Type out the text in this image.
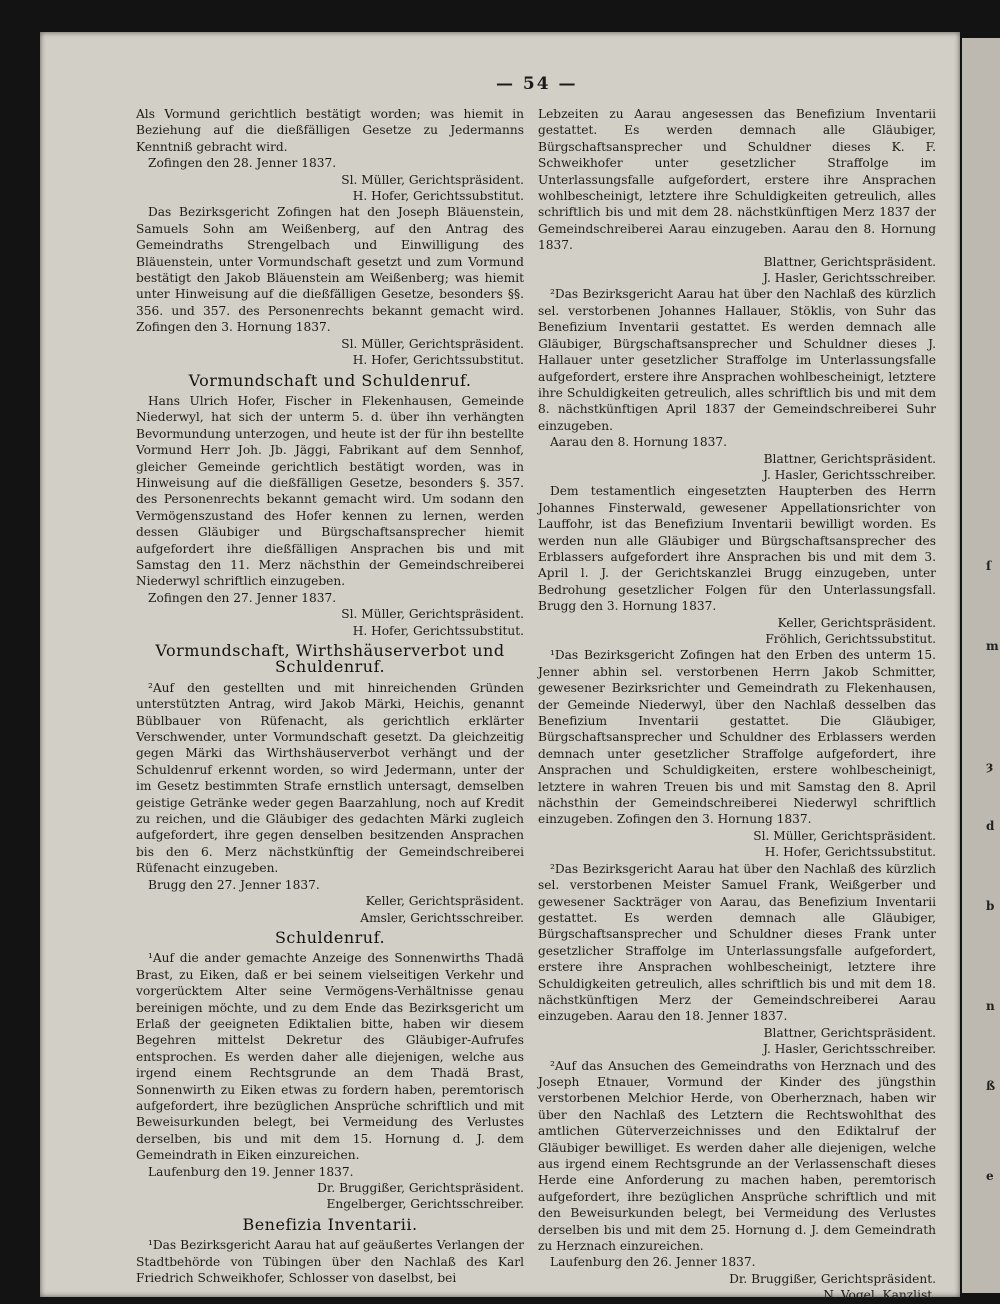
ſ
m
ȝ
d
b
n
ß
e
— 54 —

Als Vormund gerichtlich bestätigt worden; was hiemit in Beziehung auf die dießfälligen Gesetze zu Jedermanns Kenntniß gebracht wird.

Zofingen den 28. Jenner 1837.

Sl. Müller, Gerichtspräsident.

H. Hofer, Gerichtssubstitut.

Das Bezirksgericht Zofingen hat den Joseph Bläuenstein, Samuels Sohn am Weißenberg, auf den Antrag des Gemeindraths Strengelbach und Einwilligung des Bläuenstein, unter Vormundschaft gesetzt und zum Vormund bestätigt den Jakob Bläuenstein am Weißenberg; was hiemit unter Hinweisung auf die dießfälligen Gesetze, besonders §§. 356. und 357. des Personenrechts bekannt gemacht wird. Zofingen den 3. Hornung 1837.

Sl. Müller, Gerichtspräsident.

H. Hofer, Gerichtssubstitut.

Vormundschaft und Schuldenruf.

Hans Ulrich Hofer, Fischer in Flekenhausen, Gemeinde Niederwyl, hat sich der unterm 5. d. über ihn verhängten Bevormundung unterzogen, und heute ist der für ihn bestellte Vormund Herr Joh. Jb. Jäggi, Fabrikant auf dem Sennhof, gleicher Gemeinde gerichtlich bestätigt worden, was in Hinweisung auf die dießfälligen Gesetze, besonders §. 357. des Personenrechts bekannt gemacht wird. Um sodann den Vermögenszustand des Hofer kennen zu lernen, werden dessen Gläubiger und Bürgschaftsansprecher hiemit aufgefordert ihre dießfälligen Ansprachen bis und mit Samstag den 11. Merz nächsthin der Gemeindschreiberei Niederwyl schriftlich einzugeben.

Zofingen den 27. Jenner 1837.

Sl. Müller, Gerichtspräsident.

H. Hofer, Gerichtssubstitut.

Vormundschaft, Wirthshäuserverbot und Schuldenruf.

²Auf den gestellten und mit hinreichenden Gründen unterstützten Antrag, wird Jakob Märki, Heichis, genannt Büblbauer von Rüfenacht, als gerichtlich erklärter Verschwender, unter Vormundschaft gesetzt. Da gleichzeitig gegen Märki das Wirthshäuserverbot verhängt und der Schuldenruf erkennt worden, so wird Jedermann, unter der im Gesetz bestimmten Strafe ernstlich untersagt, demselben geistige Getränke weder gegen Baarzahlung, noch auf Kredit zu reichen, und die Gläubiger des gedachten Märki zugleich aufgefordert, ihre gegen denselben besitzenden Ansprachen bis den 6. Merz nächstkünftig der Gemeindschreiberei Rüfenacht einzugeben.

Brugg den 27. Jenner 1837.

Keller, Gerichtspräsident.

Amsler, Gerichtsschreiber.

Schuldenruf.

¹Auf die ander gemachte Anzeige des Sonnenwirths Thadä Brast, zu Eiken, daß er bei seinem vielseitigen Verkehr und vorgerücktem Alter seine Vermögens-Verhältnisse genau bereinigen möchte, und zu dem Ende das Bezirksgericht um Erlaß der geeigneten Ediktalien bitte, haben wir diesem Begehren mittelst Dekretur des Gläubiger-Aufrufes entsprochen. Es werden daher alle diejenigen, welche aus irgend einem Rechtsgrunde an dem Thadä Brast, Sonnenwirth zu Eiken etwas zu fordern haben, peremtorisch aufgefordert, ihre bezüglichen Ansprüche schriftlich und mit Beweisurkunden belegt, bei Vermeidung des Verlustes derselben, bis und mit dem 15. Hornung d. J. dem Gemeindrath in Eiken einzureichen.

Laufenburg den 19. Jenner 1837.

Dr. Bruggißer, Gerichtspräsident.

Engelberger, Gerichtsschreiber.

Benefizia Inventarii.

¹Das Bezirksgericht Aarau hat auf geäußertes Verlangen der Stadtbehörde von Tübingen über den Nachlaß des Karl Friedrich Schweikhofer, Schlosser von daselbst, bei

Lebzeiten zu Aarau angesessen das Benefizium Inventarii gestattet. Es werden demnach alle Gläubiger, Bürgschaftsansprecher und Schuldner dieses K. F. Schweikhofer unter gesetzlicher Straffolge im Unterlassungsfalle aufgefordert, erstere ihre Ansprachen wohlbescheinigt, letztere ihre Schuldigkeiten getreulich, alles schriftlich bis und mit dem 28. nächstkünftigen Merz 1837 der Gemeindschreiberei Aarau einzugeben. Aarau den 8. Hornung 1837.

Blattner, Gerichtspräsident.

J. Hasler, Gerichtsschreiber.

²Das Bezirksgericht Aarau hat über den Nachlaß des kürzlich sel. verstorbenen Johannes Hallauer, Stöklis, von Suhr das Benefizium Inventarii gestattet. Es werden demnach alle Gläubiger, Bürgschaftsansprecher und Schuldner dieses J. Hallauer unter gesetzlicher Straffolge im Unterlassungsfalle aufgefordert, erstere ihre Ansprachen wohlbescheinigt, letztere ihre Schuldigkeiten getreulich, alles schriftlich bis und mit dem 8. nächstkünftigen April 1837 der Gemeindschreiberei Suhr einzugeben.

Aarau den 8. Hornung 1837.

Blattner, Gerichtspräsident.

J. Hasler, Gerichtsschreiber.

Dem testamentlich eingesetzten Haupterben des Herrn Johannes Finsterwald, gewesener Appellationsrichter von Lauffohr, ist das Benefizium Inventarii bewilligt worden. Es werden nun alle Gläubiger und Bürgschaftsansprecher des Erblassers aufgefordert ihre Ansprachen bis und mit dem 3. April l. J. der Gerichtskanzlei Brugg einzugeben, unter Bedrohung gesetzlicher Folgen für den Unterlassungsfall. Brugg den 3. Hornung 1837.

Keller, Gerichtspräsident.

Fröhlich, Gerichtssubstitut.

¹Das Bezirksgericht Zofingen hat den Erben des unterm 15. Jenner abhin sel. verstorbenen Herrn Jakob Schmitter, gewesener Bezirksrichter und Gemeindrath zu Flekenhausen, der Gemeinde Niederwyl, über den Nachlaß desselben das Benefizium Inventarii gestattet. Die Gläubiger, Bürgschaftsansprecher und Schuldner des Erblassers werden demnach unter gesetzlicher Straffolge aufgefordert, ihre Ansprachen und Schuldigkeiten, erstere wohlbescheinigt, letztere in wahren Treuen bis und mit Samstag den 8. April nächsthin der Gemeindschreiberei Niederwyl schriftlich einzugeben. Zofingen den 3. Hornung 1837.

Sl. Müller, Gerichtspräsident.

H. Hofer, Gerichtssubstitut.

²Das Bezirksgericht Aarau hat über den Nachlaß des kürzlich sel. verstorbenen Meister Samuel Frank, Weißgerber und gewesener Sackträger von Aarau, das Benefizium Inventarii gestattet. Es werden demnach alle Gläubiger, Bürgschaftsansprecher und Schuldner dieses Frank unter gesetzlicher Straffolge im Unterlassungsfalle aufgefordert, erstere ihre Ansprachen wohlbescheinigt, letztere ihre Schuldigkeiten getreulich, alles schriftlich bis und mit dem 18. nächstkünftigen Merz der Gemeindschreiberei Aarau einzugeben. Aarau den 18. Jenner 1837.

Blattner, Gerichtspräsident.

J. Hasler, Gerichtsschreiber.

²Auf das Ansuchen des Gemeindraths von Herznach und des Joseph Etnauer, Vormund der Kinder des jüngsthin verstorbenen Melchior Herde, von Oberherznach, haben wir über den Nachlaß des Letztern die Rechtswohlthat des amtlichen Güterverzeichnisses und den Ediktalruf der Gläubiger bewilliget. Es werden daher alle diejenigen, welche aus irgend einem Rechtsgrunde an der Verlassenschaft dieses Herde eine Anforderung zu machen haben, peremtorisch aufgefordert, ihre bezüglichen Ansprüche schriftlich und mit den Beweisurkunden belegt, bei Vermeidung des Verlustes derselben bis und mit dem 25. Hornung d. J. dem Gemeindrath zu Herznach einzureichen.

Laufenburg den 26. Jenner 1837.

Dr. Bruggißer, Gerichtspräsident.

N. Vogel, Kanzlist.
